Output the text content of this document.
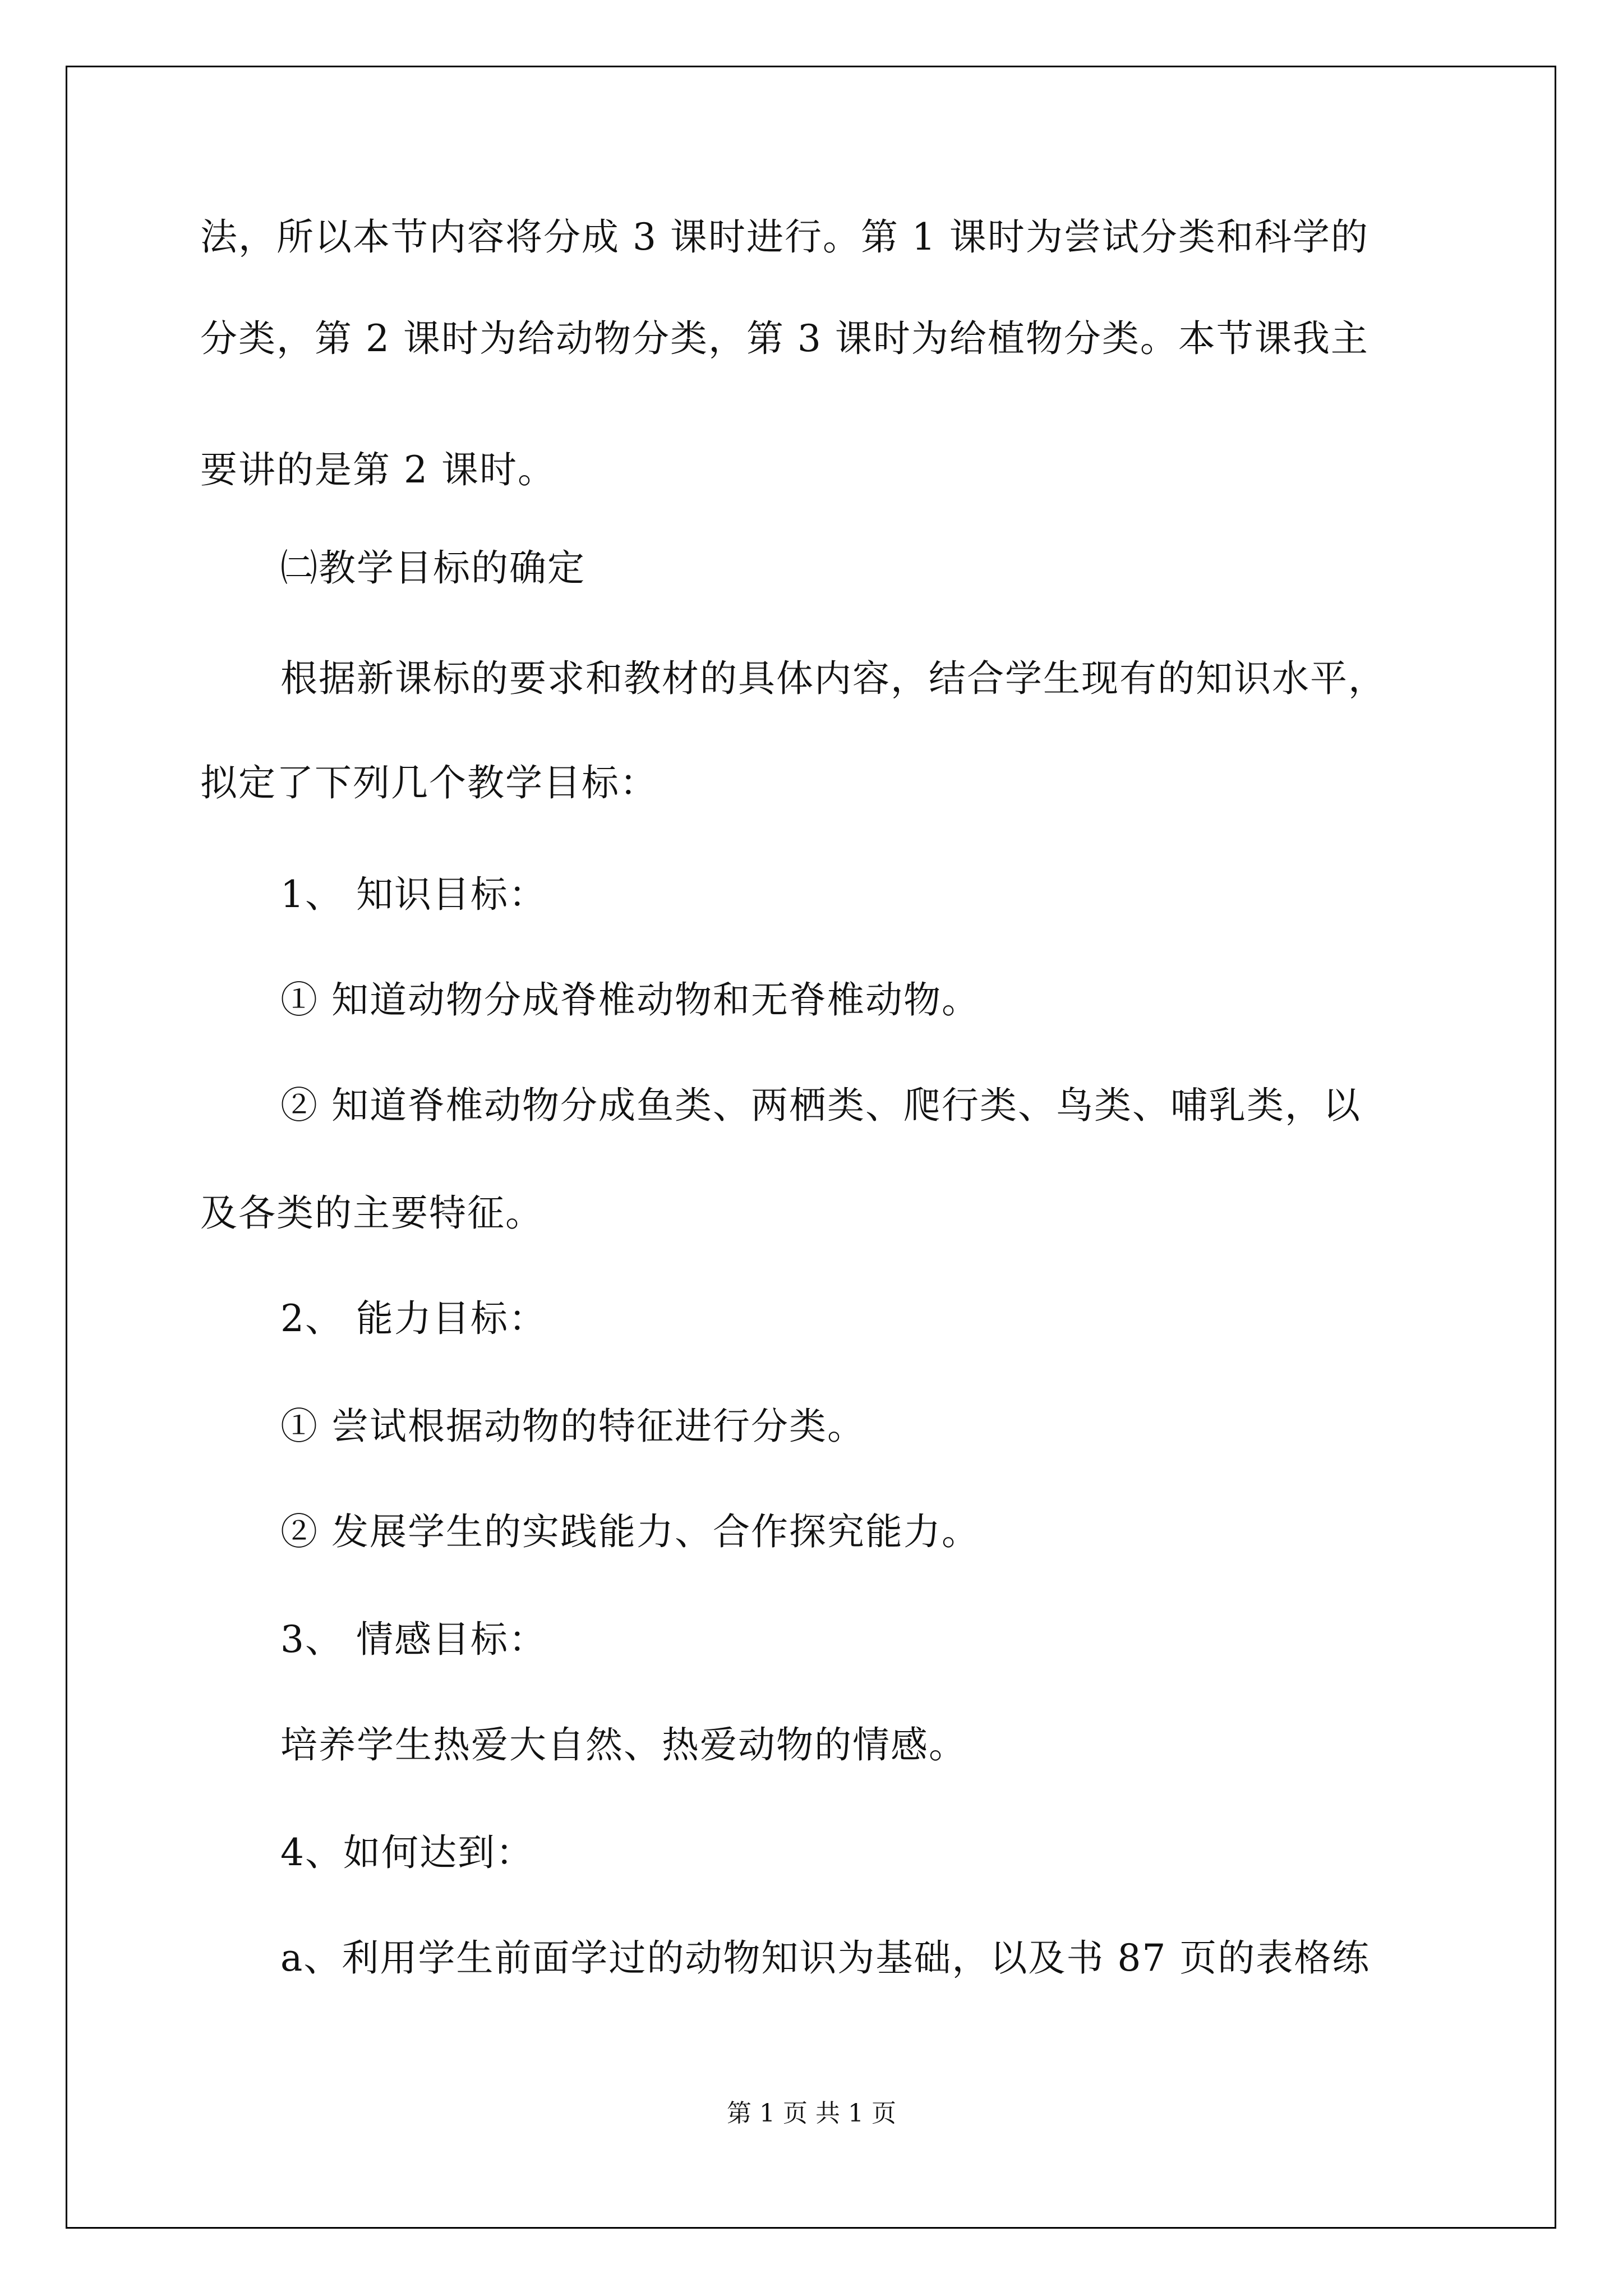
法，所以本节内容将分成 3 课时进行。第 1 课时为尝试分类和科学的
分类，第 2 课时为给动物分类，第 3 课时为给植物分类。本节课我主
要讲的是第 2 课时。
㈡教学目标的确定
根据新课标的要求和教材的具体内容，结合学生现有的知识水平，
拟定了下列几个教学目标：
1、 知识目标：
① 知道动物分成脊椎动物和无脊椎动物。
② 知道脊椎动物分成鱼类、两栖类、爬行类、鸟类、哺乳类，以
及各类的主要特征。
2、 能力目标：
① 尝试根据动物的特征进行分类。
② 发展学生的实践能力、合作探究能力。
3、 情感目标：
培养学生热爱大自然、热爱动物的情感。
4、如何达到：
a、利用学生前面学过的动物知识为基础，以及书 87 页的表格练
第 1 页 共 1 页
